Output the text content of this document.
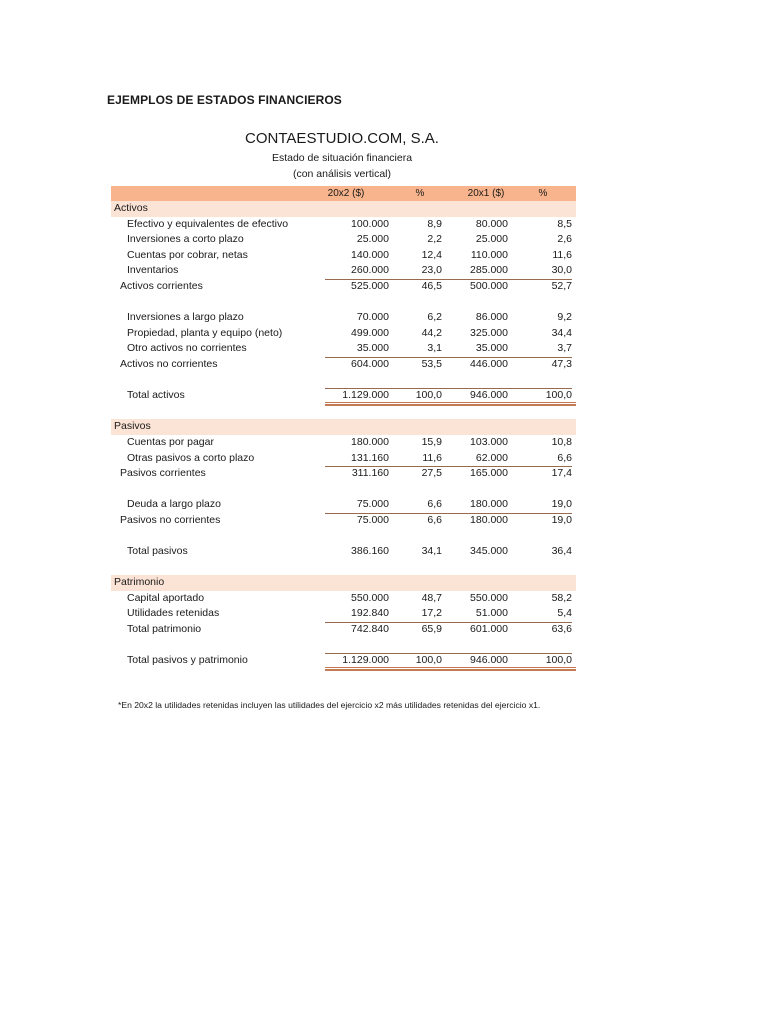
EJEMPLOS DE ESTADOS FINANCIEROS
CONTAESTUDIO.COM, S.A.
Estado de situación financiera
(con análisis vertical)
20x2 ($)	%	20x1 ($)	%
Activos
Efectivo y equivalentes de efectivo	100.000	8,9	80.000	8,5
Inversiones a corto plazo	25.000	2,2	25.000	2,6
Cuentas por cobrar, netas	140.000	12,4	110.000	11,6
Inventarios	260.000	23,0	285.000	30,0
Activos corrientes	525.000	46,5	500.000	52,7
Inversiones a largo plazo	70.000	6,2	86.000	9,2
Propiedad, planta y equipo (neto)	499.000	44,2	325.000	34,4
Otro activos no corrientes	35.000	3,1	35.000	3,7
Activos no corrientes	604.000	53,5	446.000	47,3
Total activos	1.129.000	100,0	946.000	100,0
Pasivos
Cuentas por pagar	180.000	15,9	103.000	10,8
Otras pasivos a corto plazo	131.160	11,6	62.000	6,6
Pasivos corrientes	311.160	27,5	165.000	17,4
Deuda a largo plazo	75.000	6,6	180.000	19,0
Pasivos no corrientes	75.000	6,6	180.000	19,0
Total pasivos	386.160	34,1	345.000	36,4
Patrimonio
Capital aportado	550.000	48,7	550.000	58,2
Utilidades retenidas	192.840	17,2	51.000	5,4
Total patrimonio	742.840	65,9	601.000	63,6
Total pasivos y patrimonio	1.129.000	100,0	946.000	100,0
*En 20x2 la utilidades retenidas incluyen las utilidades del ejercicio x2 más utilidades retenidas del ejercicio x1.
